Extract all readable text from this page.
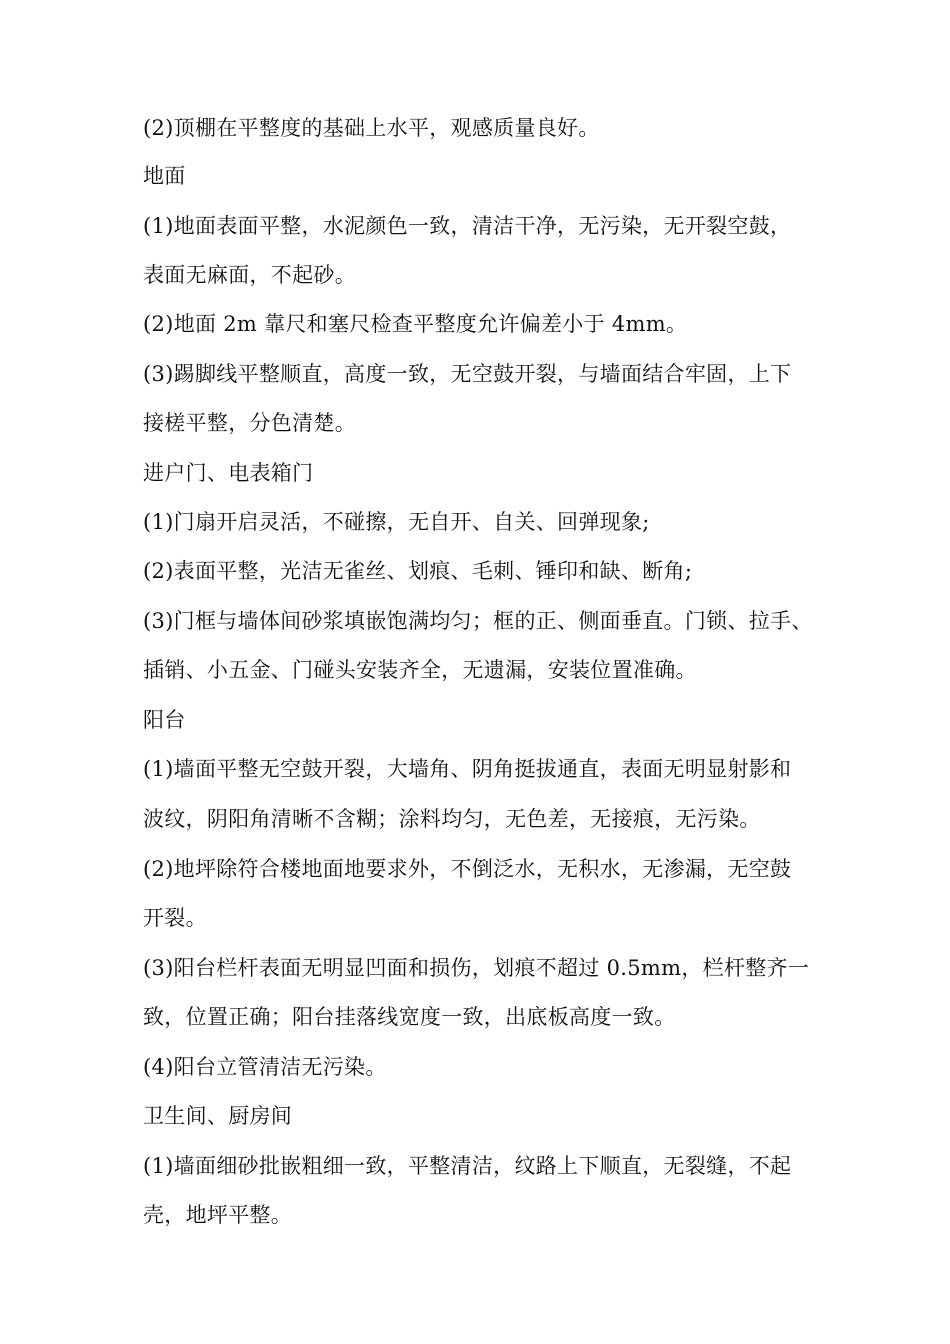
(2)顶棚在平整度的基础上水平，观感质量良好。

地面

(1)地面表面平整，水泥颜色一致，清洁干净，无污染，无开裂空鼓，

表面无麻面，不起砂。

(2)地面 2m 靠尺和塞尺检查平整度允许偏差小于 4mm。

(3)踢脚线平整顺直，高度一致，无空鼓开裂，与墙面结合牢固，上下

接槎平整，分色清楚。

进户门、电表箱门

(1)门扇开启灵活，不碰擦，无自开、自关、回弹现象;

(2)表面平整，光洁无雀丝、划痕、毛刺、锤印和缺、断角;

(3)门框与墙体间砂浆填嵌饱满均匀；框的正、侧面垂直。门锁、拉手、

插销、小五金、门碰头安装齐全，无遗漏，安装位置准确。

阳台

(1)墙面平整无空鼓开裂，大墙角、阴角挺拔通直，表面无明显射影和

波纹，阴阳角清晰不含糊；涂料均匀，无色差，无接痕，无污染。

(2)地坪除符合楼地面地要求外，不倒泛水，无积水，无渗漏，无空鼓

开裂。

(3)阳台栏杆表面无明显凹面和损伤，划痕不超过 0.5mm，栏杆整齐一

致，位置正确；阳台挂落线宽度一致，出底板高度一致。

(4)阳台立管清洁无污染。

卫生间、厨房间

(1)墙面细砂批嵌粗细一致，平整清洁，纹路上下顺直，无裂缝，不起

壳，地坪平整。
